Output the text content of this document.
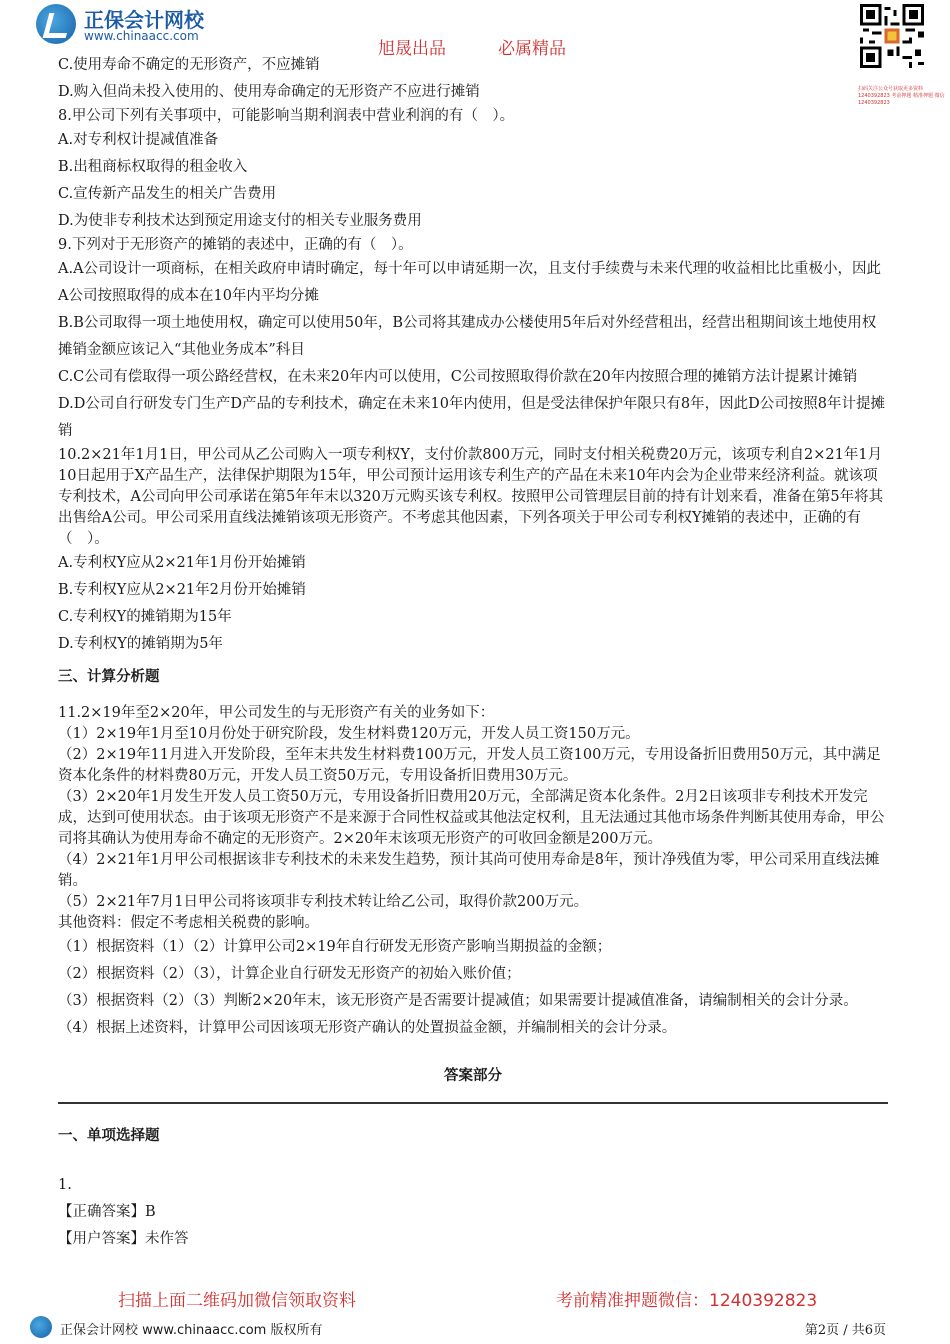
正保会计网校
www.chinaacc.com
旭晟出品	必属精品
扫码关注公众号获取更多资料 1240392823 考前押题 精准押题 微信 1240392823

C.使用寿命不确定的无形资产，不应摊销

D.购入但尚未投入使用的、使用寿命确定的无形资产不应进行摊销

8.甲公司下列有关事项中，可能影响当期利润表中营业利润的有（　）。

A.对专利权计提减值准备

B.出租商标权取得的租金收入

C.宣传新产品发生的相关广告费用

D.为使非专利技术达到预定用途支付的相关专业服务费用

9.下列对于无形资产的摊销的表述中，正确的有（　）。

A.A公司设计一项商标，在相关政府申请时确定，每十年可以申请延期一次，且支付手续费与未来代理的收益相比比重极小，因此A公司按照取得的成本在10年内平均分摊

B.B公司取得一项土地使用权，确定可以使用50年，B公司将其建成办公楼使用5年后对外经营租出，经营出租期间该土地使用权摊销金额应该记入“其他业务成本”科目

C.C公司有偿取得一项公路经营权，在未来20年内可以使用，C公司按照取得价款在20年内按照合理的摊销方法计提累计摊销

D.D公司自行研发专门生产D产品的专利技术，确定在未来10年内使用，但是受法律保护年限只有8年，因此D公司按照8年计提摊销

10.2×21年1月1日，甲公司从乙公司购入一项专利权Y，支付价款800万元，同时支付相关税费20万元，该项专利自2×21年1月10日起用于X产品生产，法律保护期限为15年，甲公司预计运用该专利生产的产品在未来10年内会为企业带来经济利益。就该项专利技术，A公司向甲公司承诺在第5年年末以320万元购买该专利权。按照甲公司管理层目前的持有计划来看，准备在第5年将其出售给A公司。甲公司采用直线法摊销该项无形资产。不考虑其他因素，下列各项关于甲公司专利权Y摊销的表述中，正确的有（　）。

A.专利权Y应从2×21年1月份开始摊销

B.专利权Y应从2×21年2月份开始摊销

C.专利权Y的摊销期为15年

D.专利权Y的摊销期为5年

三、计算分析题

11.2×19年至2×20年，甲公司发生的与无形资产有关的业务如下：

（1）2×19年1月至10月份处于研究阶段，发生材料费120万元，开发人员工资150万元。

（2）2×19年11月进入开发阶段，至年末共发生材料费100万元，开发人员工资100万元，专用设备折旧费用50万元，其中满足资本化条件的材料费80万元，开发人员工资50万元，专用设备折旧费用30万元。

（3）2×20年1月发生开发人员工资50万元，专用设备折旧费用20万元，全部满足资本化条件。2月2日该项非专利技术开发完成，达到可使用状态。由于该项无形资产不是来源于合同性权益或其他法定权利，且无法通过其他市场条件判断其使用寿命，甲公司将其确认为使用寿命不确定的无形资产。2×20年末该项无形资产的可收回金额是200万元。

（4）2×21年1月甲公司根据该非专利技术的未来发生趋势，预计其尚可使用寿命是8年，预计净残值为零，甲公司采用直线法摊销。

（5）2×21年7月1日甲公司将该项非专利技术转让给乙公司，取得价款200万元。

其他资料：假定不考虑相关税费的影响。

（1）根据资料（1）（2）计算甲公司2×19年自行研发无形资产影响当期损益的金额；

（2）根据资料（2）（3），计算企业自行研发无形资产的初始入账价值；

（3）根据资料（2）（3）判断2×20年末，该无形资产是否需要计提减值；如果需要计提减值准备，请编制相关的会计分录。

（4）根据上述资料，计算甲公司因该项无形资产确认的处置损益金额，并编制相关的会计分录。

答案部分

一、单项选择题

1.

【正确答案】B

【用户答案】未作答

扫描上面二维码加微信领取资料	考前精准押题微信：1240392823
正保会计网校 www.chinaacc.com 版权所有	第2页 / 共6页
